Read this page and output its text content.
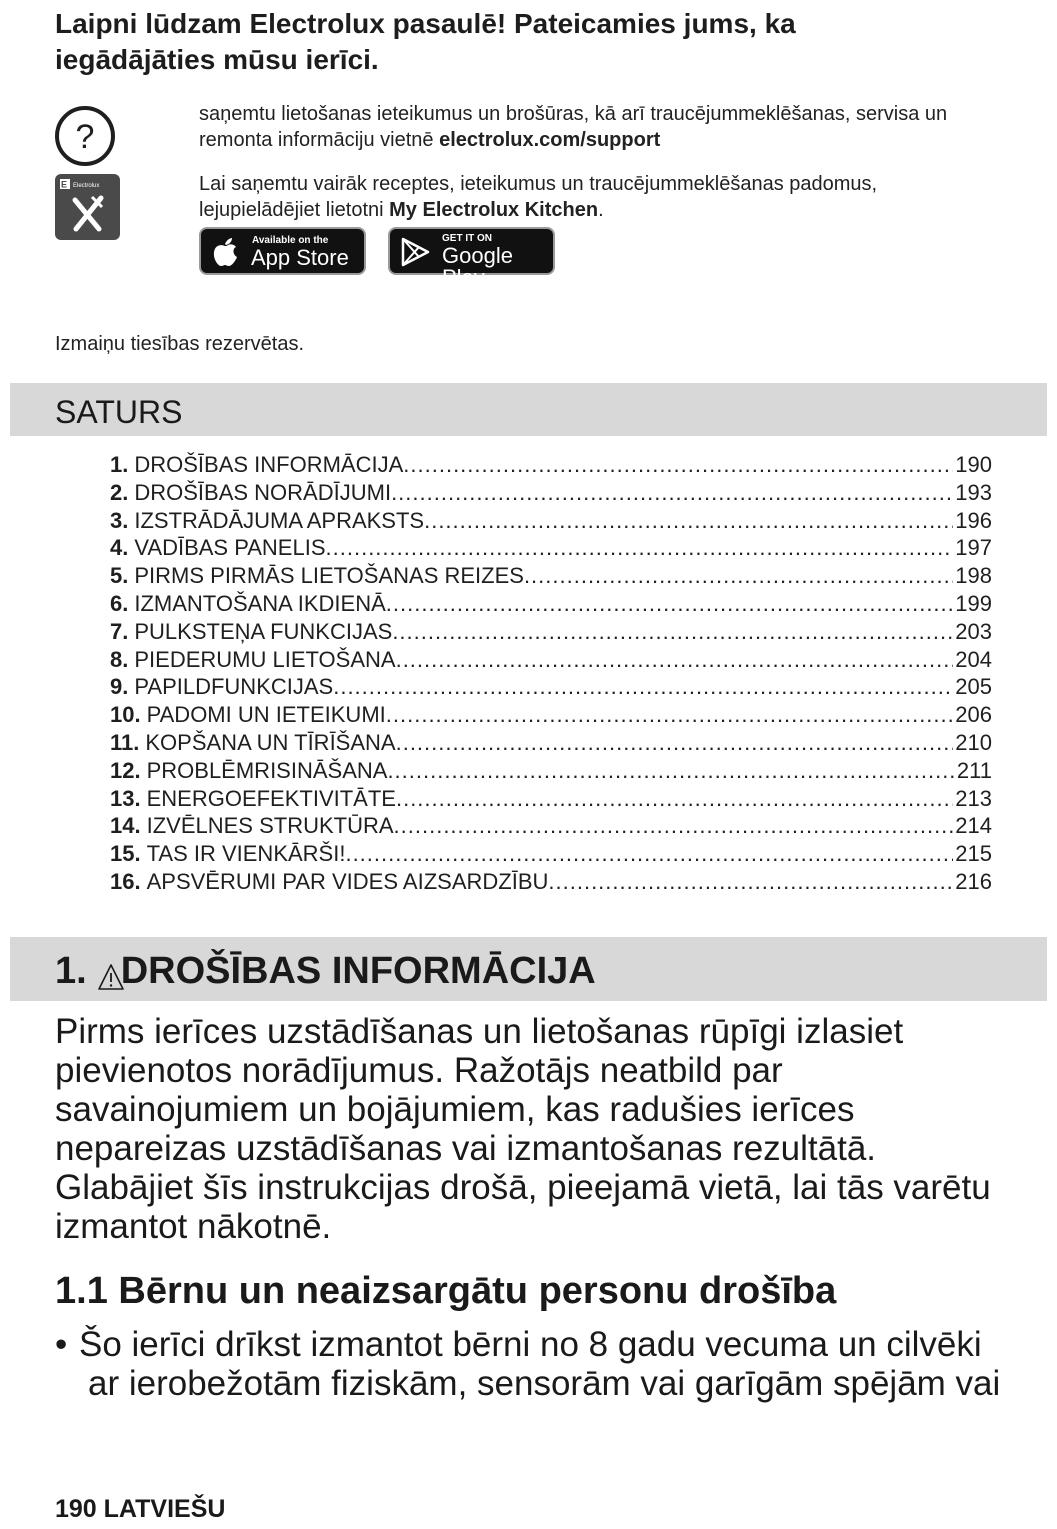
Laipni lūdzam Electrolux pasaulē! Pateicamies jums, ka
iegādājāties mūsu ierīci.
?
saņemtu lietošanas ieteikumus un brošūras, kā arī traucējummeklēšanas, servisa un
remonta informāciju vietnē electrolux.com/support
E Electrolux	Lai saņemtu vairāk receptes, ieteikumus un traucējummeklēšanas padomus,
lejupielādējiet lietotni My Electrolux Kitchen.
Available on the
App Store
GET IT ON
Google Play
Izmaiņu tiesības rezervētas.
SATURS
1. DROŠĪBAS INFORMĀCIJA .....	190
2. DROŠĪBAS NORĀDĪJUMI .....	193
3. IZSTRĀDĀJUMA APRAKSTS .....	196
4. VADĪBAS PANELIS .....	197
5. PIRMS PIRMĀS LIETOŠANAS REIZES .....	198
6. IZMANTOŠANA IKDIENĀ .....	199
7. PULKSTEŅA FUNKCIJAS .....	203
8. PIEDERUMU LIETOŠANA .....	204
9. PAPILDFUNKCIJAS .....	205
10. PADOMI UN IETEIKUMI .....	206
11. KOPŠANA UN TĪRĪŠANA .....	210
12. PROBLĒMRISINĀŠANA .....	211
13. ENERGOEFEKTIVITĀTE .....	213
14. IZVĒLNES STRUKTŪRA .....	214
15. TAS IR VIENKĀRŠI! .....	215
16. APSVĒRUMI PAR VIDES AIZSARDZĪBU .....	216
1. DROŠĪBAS INFORMĀCIJA
Pirms ierīces uzstādīšanas un lietošanas rūpīgi izlasiet
pievienotos norādījumus. Ražotājs neatbild par
savainojumiem un bojājumiem, kas radušies ierīces
nepareizas uzstādīšanas vai izmantošanas rezultātā.
Glabājiet šīs instrukcijas drošā, pieejamā vietā, lai tās varētu
izmantot nākotnē.
1.1 Bērnu un neaizsargātu personu drošība
• Šo ierīci drīkst izmantot bērni no 8 gadu vecuma un cilvēki
ar ierobežotām fiziskām, sensorām vai garīgām spējām vai
190 LATVIEŠU
